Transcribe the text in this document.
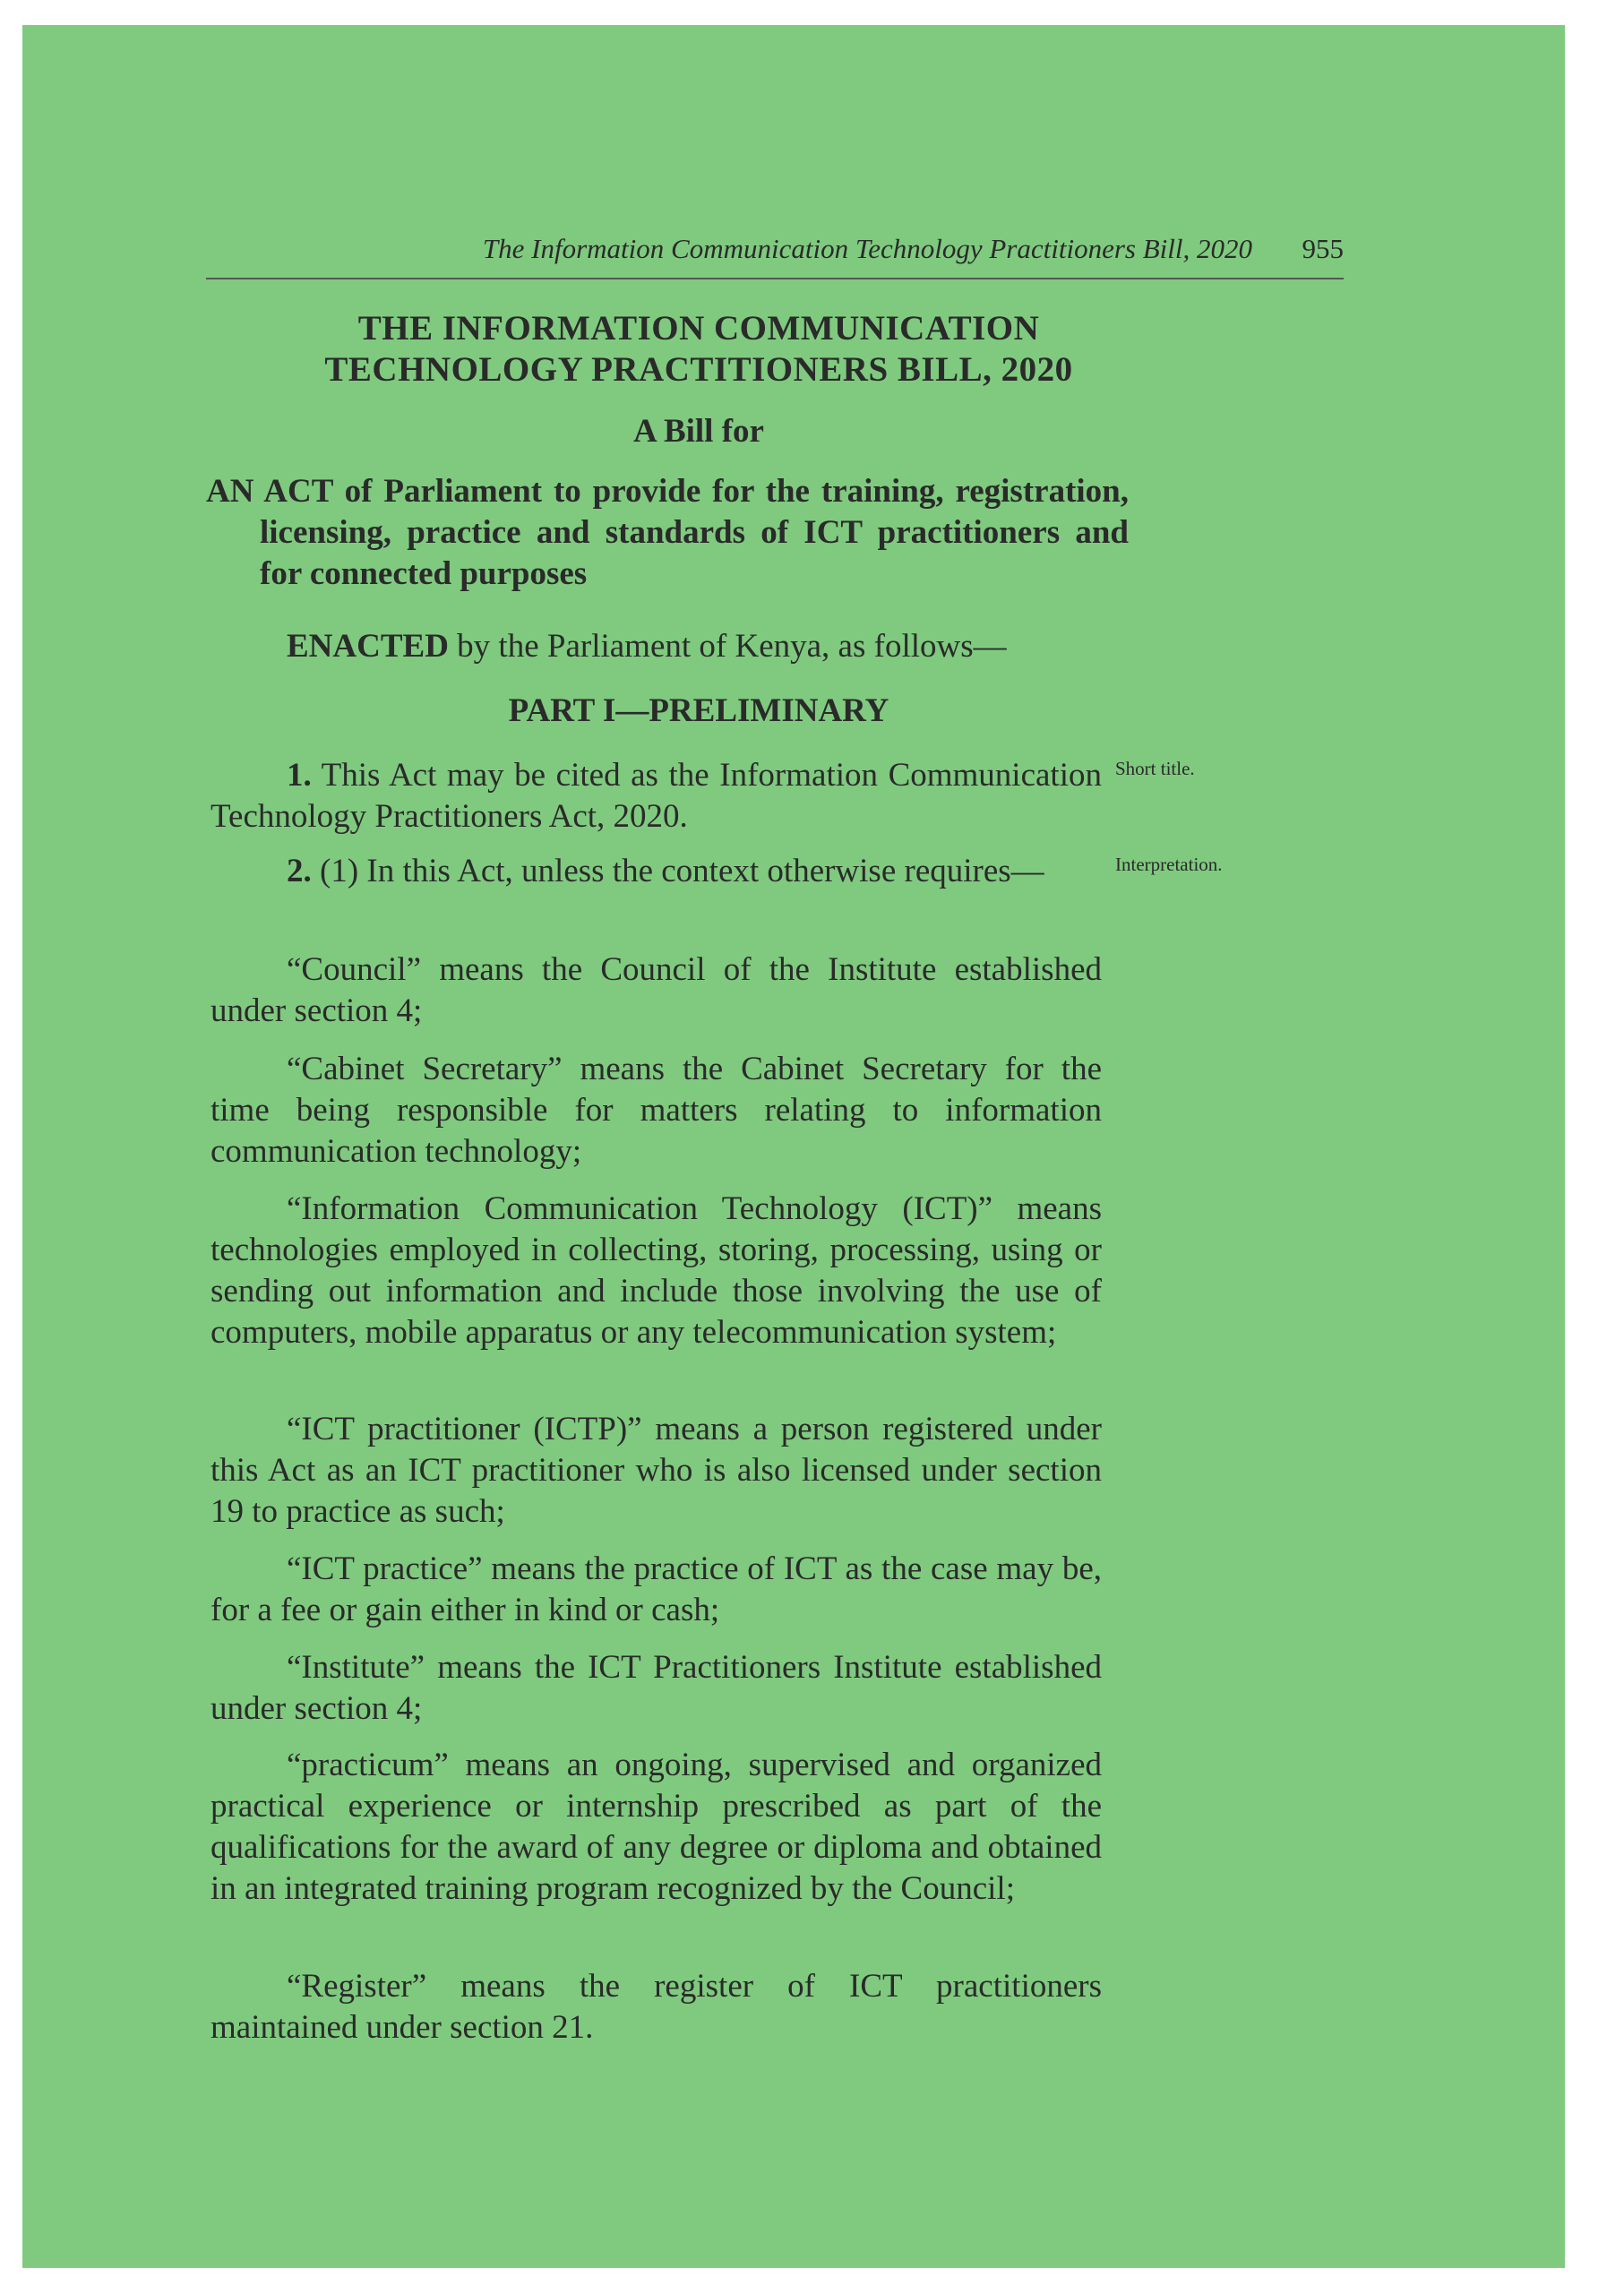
The Information Communication Technology Practitioners Bill, 2020	955
THE INFORMATION COMMUNICATION
TECHNOLOGY PRACTITIONERS BILL, 2020
A Bill for
AN ACT of Parliament to provide for the training, registration, licensing, practice and standards of ICT practitioners and for connected purposes
ENACTED by the Parliament of Kenya, as follows—
PART I—PRELIMINARY

1. This Act may be cited as the Information Communication Technology Practitioners Act, 2020.

Short title.

2. (1) In this Act, unless the context otherwise requires—	Interpretation.

“Council” means the Council of the Institute established under section 4;

“Cabinet Secretary” means the Cabinet Secretary for the time being responsible for matters relating to information communication technology;

“Information Communication Technology (ICT)” means technologies employed in collecting, storing, processing, using or sending out information and include those involving the use of computers, mobile apparatus or any telecommunication system;

“ICT practitioner (ICTP)” means a person registered under this Act as an ICT practitioner who is also licensed under section 19 to practice as such;

“ICT practice” means the practice of ICT as the case may be, for a fee or gain either in kind or cash;

“Institute” means the ICT Practitioners Institute established under section 4;

“practicum” means an ongoing, supervised and organized practical experience or internship prescribed as part of the qualifications for the award of any degree or diploma and obtained in an integrated training program recognized by the Council;

“Register” means the register of ICT practitioners maintained under section 21.
